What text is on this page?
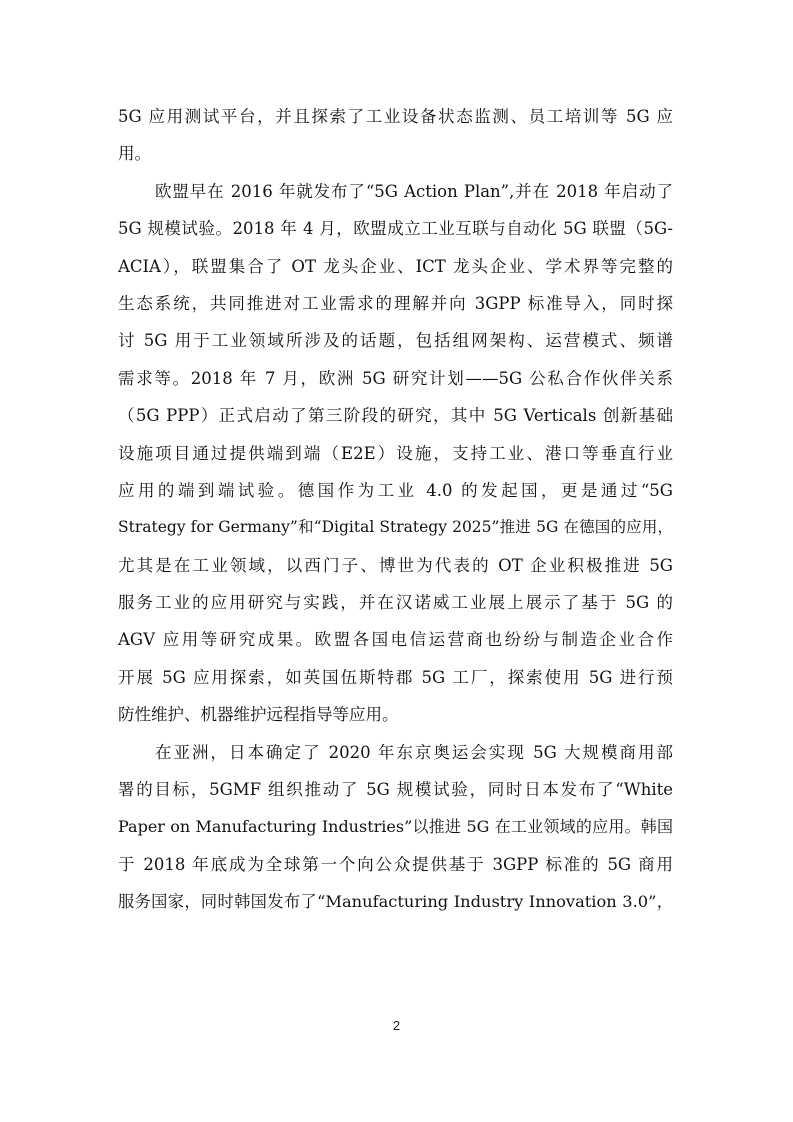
5G 应用测试平台，并且探索了工业设备状态监测、员工培训等 5G 应
用。
欧盟早在 2016 年就发布了“5G Action Plan”,并在 2018 年启动了
5G 规模试验。2018 年 4 月，欧盟成立工业互联与自动化 5G 联盟（5G-
ACIA），联盟集合了 OT 龙头企业、ICT 龙头企业、学术界等完整的
生态系统，共同推进对工业需求的理解并向 3GPP 标准导入，同时探
讨 5G 用于工业领域所涉及的话题，包括组网架构、运营模式、频谱
需求等。2018 年 7 月，欧洲 5G 研究计划——5G 公私合作伙伴关系
（5G PPP）正式启动了第三阶段的研究，其中 5G Verticals 创新基础
设施项目通过提供端到端（E2E）设施，支持工业、港口等垂直行业
应用的端到端试验。德国作为工业 4.0 的发起国，更是通过“5G
Strategy for Germany”和“Digital Strategy 2025”推进 5G 在德国的应用，
尤其是在工业领域，以西门子、博世为代表的 OT 企业积极推进 5G
服务工业的应用研究与实践，并在汉诺威工业展上展示了基于 5G 的
AGV 应用等研究成果。欧盟各国电信运营商也纷纷与制造企业合作
开展 5G 应用探索，如英国伍斯特郡 5G 工厂，探索使用 5G 进行预
防性维护、机器维护远程指导等应用。
在亚洲，日本确定了 2020 年东京奥运会实现 5G 大规模商用部
署的目标，5GMF 组织推动了 5G 规模试验，同时日本发布了“White
Paper on Manufacturing Industries”以推进 5G 在工业领域的应用。韩国
于 2018 年底成为全球第一个向公众提供基于 3GPP 标准的 5G 商用
服务国家，同时韩国发布了“Manufacturing Industry Innovation 3.0”，
2
